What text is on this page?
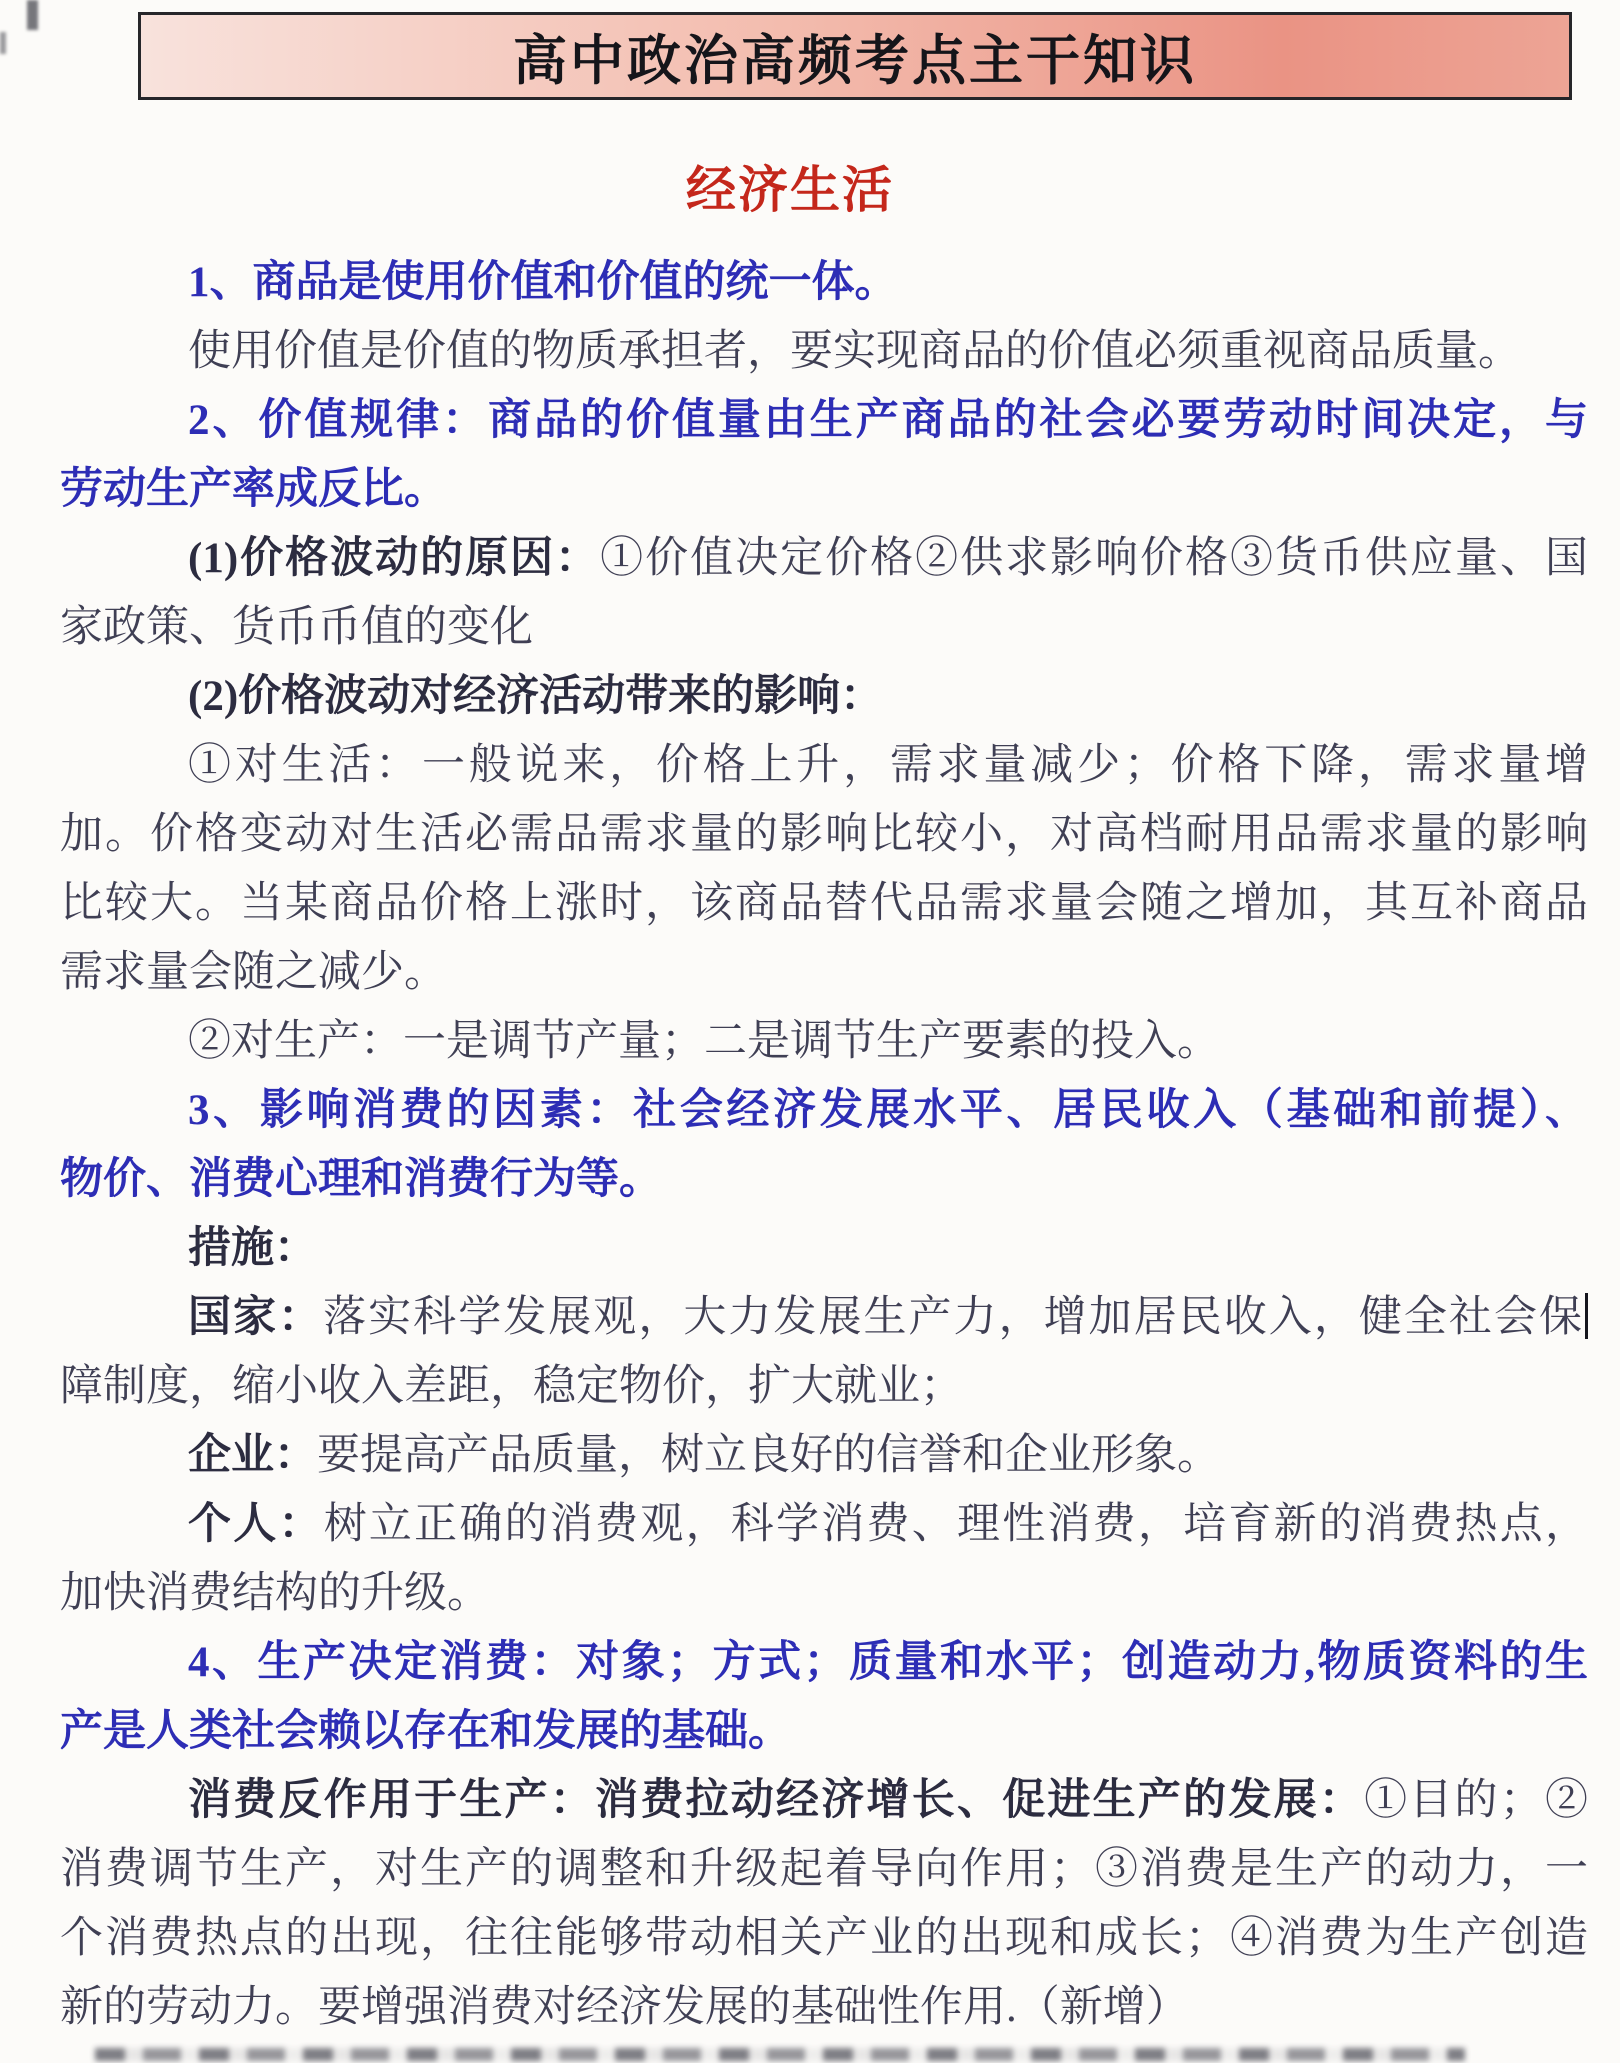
高中政治高频考点主干知识
经济生活
1、商品是使用价值和价值的统一体。
使用价值是价值的物质承担者，要实现商品的价值必须重视商品质量。
2、价值规律：商品的价值量由生产商品的社会必要劳动时间决定，与
劳动生产率成反比。
(1)价格波动的原因：①价值决定价格②供求影响价格③货币供应量、国
家政策、货币币值的变化
(2)价格波动对经济活动带来的影响：
①对生活：一般说来，价格上升，需求量减少；价格下降，需求量增
加。价格变动对生活必需品需求量的影响比较小，对高档耐用品需求量的影响
比较大。当某商品价格上涨时，该商品替代品需求量会随之增加，其互补商品
需求量会随之减少。
②对生产：一是调节产量；二是调节生产要素的投入。
3、影响消费的因素：社会经济发展水平、居民收入（基础和前提）、
物价、消费心理和消费行为等。
措施：
国家：落实科学发展观，大力发展生产力，增加居民收入，健全社会保
障制度，缩小收入差距，稳定物价，扩大就业；
企业：要提高产品质量，树立良好的信誉和企业形象。
个人：树立正确的消费观，科学消费、理性消费，培育新的消费热点，
加快消费结构的升级。
4、生产决定消费：对象；方式；质量和水平；创造动力,物质资料的生
产是人类社会赖以存在和发展的基础。
消费反作用于生产：消费拉动经济增长、促进生产的发展：①目的；②
消费调节生产，对生产的调整和升级起着导向作用；③消费是生产的动力，一
个消费热点的出现，往往能够带动相关产业的出现和成长；④消费为生产创造
新的劳动力。要增强消费对经济发展的基础性作用.（新增）
